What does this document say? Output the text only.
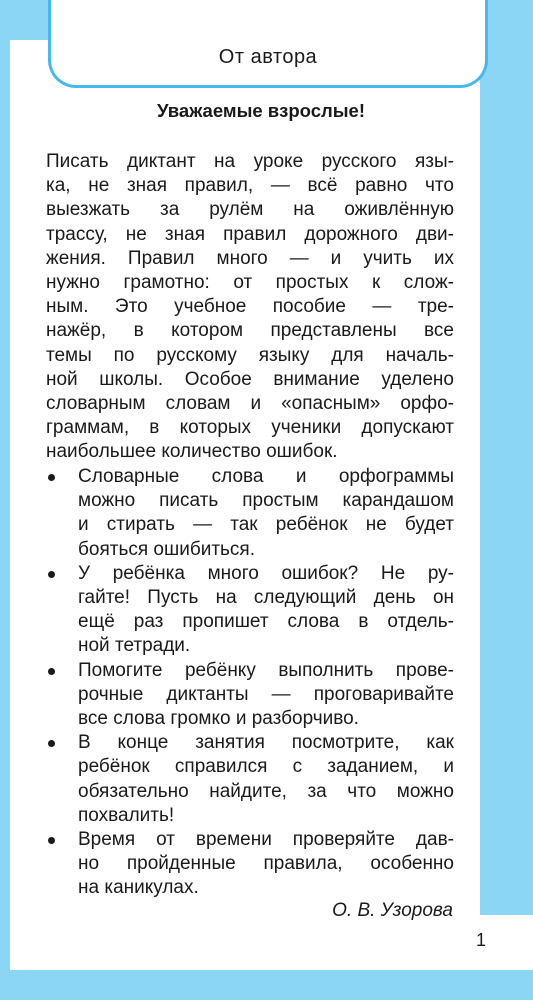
От автора
Уважаемые взрослые!
Писать диктант на уроке русского язы-
ка, не зная правил, — всё равно что
выезжать за рулём на оживлённую
трассу, не зная правил дорожного дви-
жения. Правил много — и учить их
нужно грамотно: от простых к слож-
ным. Это учебное пособие — тре-
нажёр, в котором представлены все
темы по русскому языку для началь-
ной школы. Особое внимание уделено
словарным словам и «опасным» орфо-
граммам, в которых ученики допускают
наибольшее количество ошибок.
Словарные слова и орфограммы
можно писать простым карандашом
и стирать — так ребёнок не будет
бояться ошибиться.
У ребёнка много ошибок? Не ру-
гайте! Пусть на следующий день он
ещё раз пропишет слова в отдель-
ной тетради.
Помогите ребёнку выполнить прове-
рочные диктанты — проговаривайте
все слова громко и разборчиво.
В конце занятия посмотрите, как
ребёнок справился с заданием, и
обязательно найдите, за что можно
похвалить!
Время от времени проверяйте дав-
но пройденные правила, особенно
на каникулах.
О. В. Узорова
1
